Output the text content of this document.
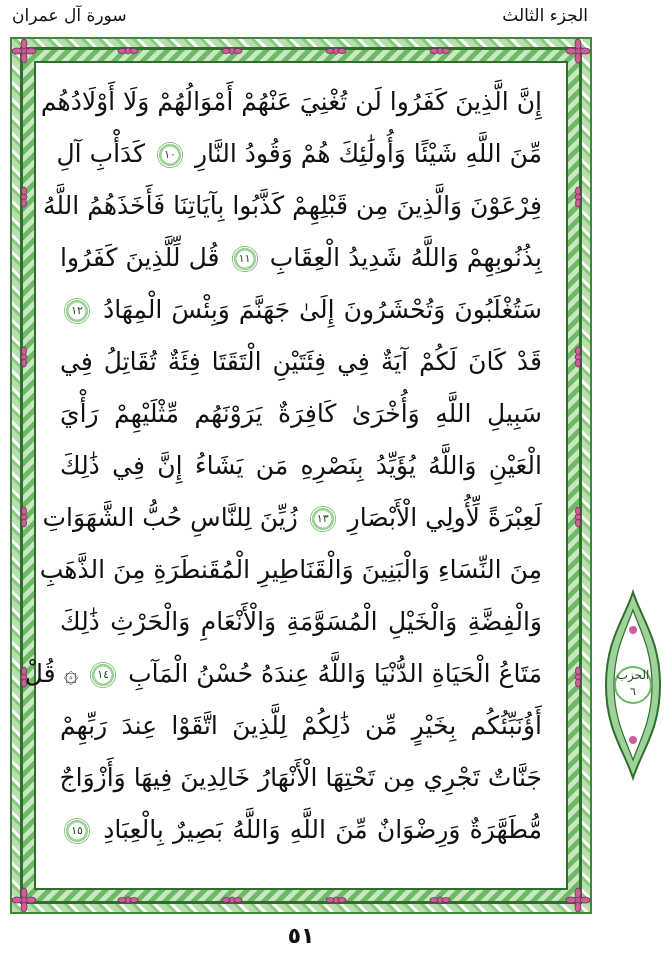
الجزء الثالث
سورة آل عمران
إِنَّ الَّذِينَ كَفَرُوا لَن تُغْنِيَ عَنْهُمْ أَمْوَالُهُمْ وَلَا أَوْلَادُهُم
مِّنَ اللَّهِ شَيْئًا وَأُولَٰئِكَ هُمْ وَقُودُ النَّارِ ١٠ كَدَأْبِ آلِ
فِرْعَوْنَ وَالَّذِينَ مِن قَبْلِهِمْ كَذَّبُوا بِآيَاتِنَا فَأَخَذَهُمُ اللَّهُ
بِذُنُوبِهِمْ وَاللَّهُ شَدِيدُ الْعِقَابِ ١١ قُل لِّلَّذِينَ كَفَرُوا
سَتُغْلَبُونَ وَتُحْشَرُونَ إِلَىٰ جَهَنَّمَ وَبِئْسَ الْمِهَادُ ١٢
قَدْ كَانَ لَكُمْ آيَةٌ فِي فِئَتَيْنِ الْتَقَتَا فِئَةٌ تُقَاتِلُ فِي
سَبِيلِ اللَّهِ وَأُخْرَىٰ كَافِرَةٌ يَرَوْنَهُم مِّثْلَيْهِمْ رَأْيَ
الْعَيْنِ وَاللَّهُ يُؤَيِّدُ بِنَصْرِهِ مَن يَشَاءُ إِنَّ فِي ذَٰلِكَ
لَعِبْرَةً لِّأُولِي الْأَبْصَارِ ١٣ زُيِّنَ لِلنَّاسِ حُبُّ الشَّهَوَاتِ
مِنَ النِّسَاءِ وَالْبَنِينَ وَالْقَنَاطِيرِ الْمُقَنطَرَةِ مِنَ الذَّهَبِ
وَالْفِضَّةِ وَالْخَيْلِ الْمُسَوَّمَةِ وَالْأَنْعَامِ وَالْحَرْثِ ذَٰلِكَ
مَتَاعُ الْحَيَاةِ الدُّنْيَا وَاللَّهُ عِندَهُ حُسْنُ الْمَآبِ ١٤ ۞ قُلْ
أَؤُنَبِّئُكُم بِخَيْرٍ مِّن ذَٰلِكُمْ لِلَّذِينَ اتَّقَوْا عِندَ رَبِّهِمْ
جَنَّاتٌ تَجْرِي مِن تَحْتِهَا الْأَنْهَارُ خَالِدِينَ فِيهَا وَأَزْوَاجٌ
مُّطَهَّرَةٌ وَرِضْوَانٌ مِّنَ اللَّهِ وَاللَّهُ بَصِيرٌ بِالْعِبَادِ ١٥
الحزب
٦
٥١
